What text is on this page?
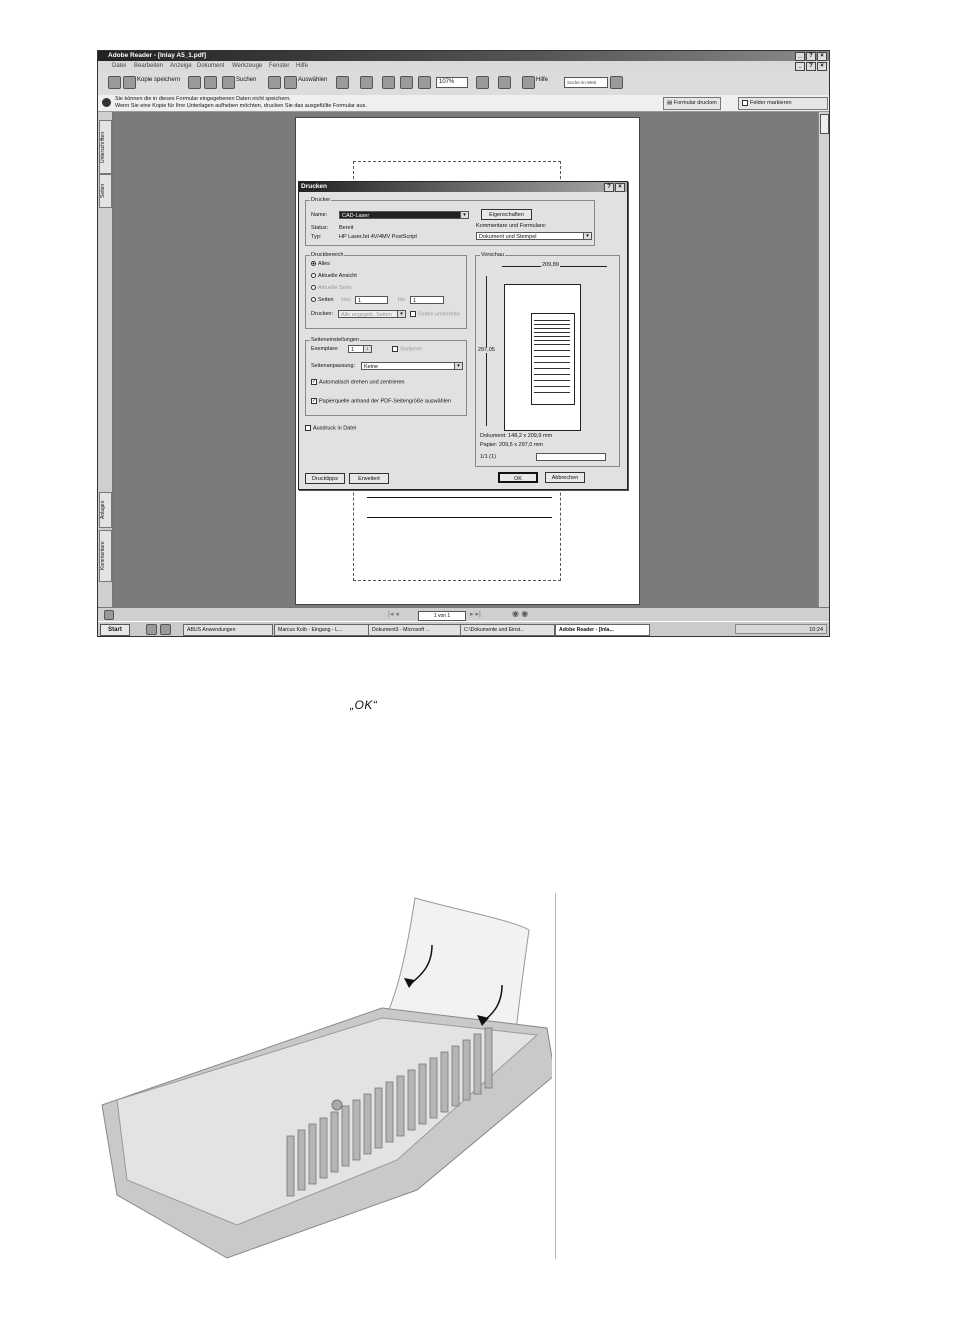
Adobe Reader - [Inlay A5_1.pdf]	_	?	×
Datei Bearbeiten Anzeige Dokument Werkzeuge Fenster Hilfe	_	?	×
Kopie speichern	Suchen	Auswählen	107%	Hilfe	Suche im Web
Sie können die in dieses Formular eingegebenen Daten nicht speichern.
Wenn Sie eine Kopie für Ihre Unterlagen aufheben möchten, drucken Sie das ausgefüllte Formular aus.	▤ Formular drucken	Felder markieren
Unterschriften
Seiten
Anlagen
Kommentare
Drucken	?	×
Drucker
Name:	CAD-Laser	▾	Eigenschaften
Status: Bereit
Typ:	HP LaserJet 4V/4MV PostScript
Kommentare und Formulare:
Dokument und Stempel	▾
Druckbereich
Alles
Aktuelle Ansicht
Aktuelle Seite
Seiten von:	1	bis:	1
Drucken:	Alle angegeb. Seiten	▾	Seiten umkehren
Seiteneinstellungen
Exemplare:	1	↕	Sortieren
Seitenanpassung:	Keine	▾
✓ Automatisch drehen und zentrieren
✓ Papierquelle anhand der PDF-Seitengröße auswählen
Ausdruck in Datei
Vorschau
209,89
297,05
Dokument: 148,2 x 209,9 mm
Papier: 209,5 x 297,0 mm
1/1 (1)
Drucktipps	Erweitert	OK	Abbrechen
|◂ ◂	1 von 1	▸ ▸|	◉ ◉
Start	ABUS Anwendungen	Marcus Kolb - Eingang - L...	Dokument3 - Microsoft ...	C:\Dokumente und Einst...	Adobe Reader - [Inla...	10:24
„OK“
